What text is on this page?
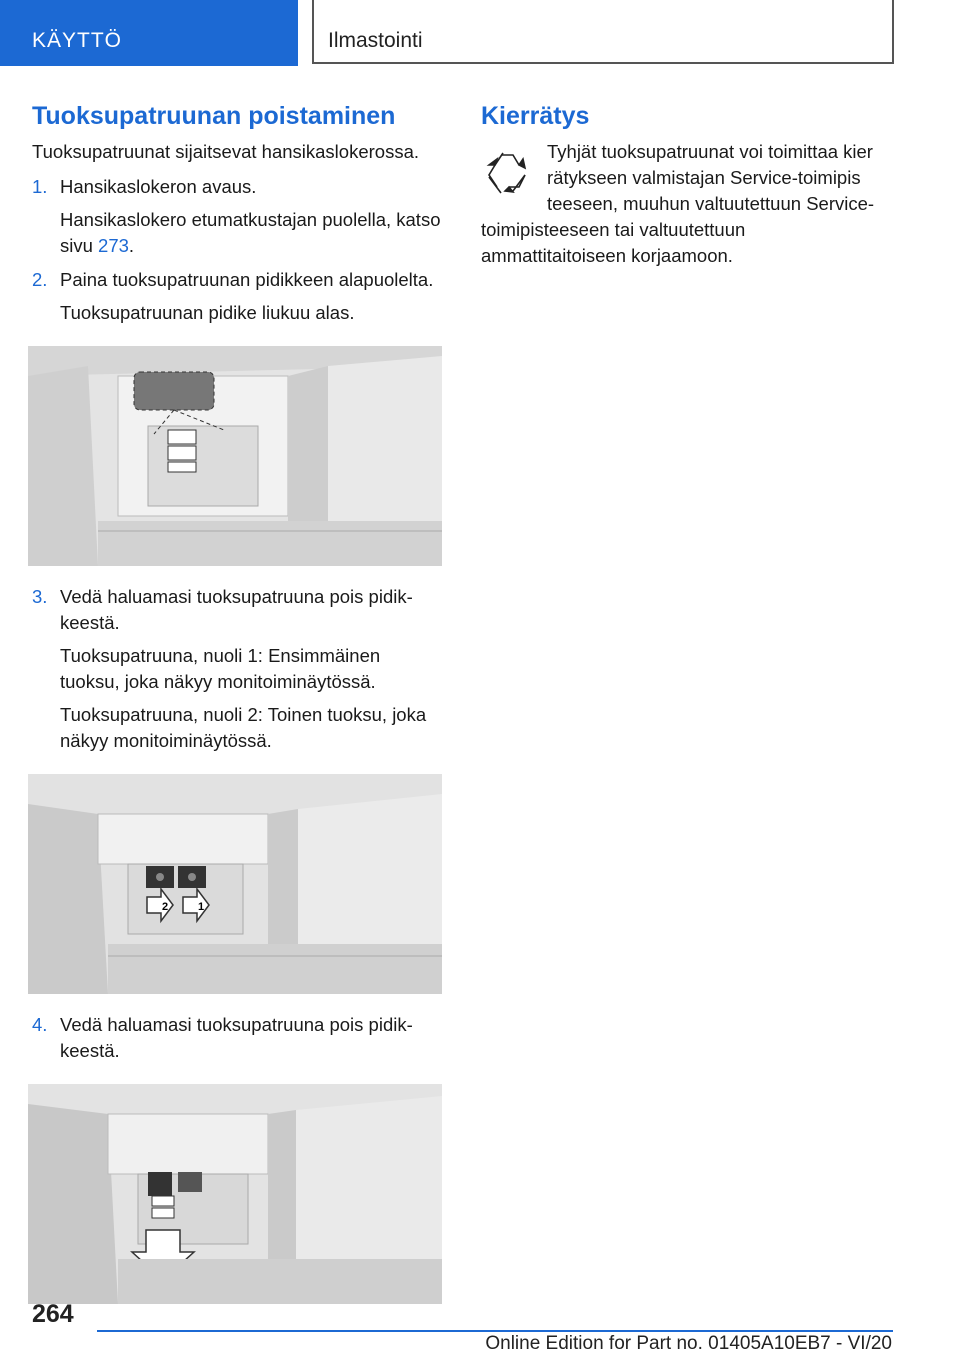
KÄYTTÖ	Ilmastointi
Tuoksupatruunan poistaminen

Tuoksupatruunat sijaitsevat hansikaslokerossa.

1. Hansikaslokeron avaus.

Hansikaslokero etumatkustajan puolella, katso sivu 273.

2. Paina tuoksupatruunan pidikkeen alapuolelta.

Tuoksupatruunan pidike liukuu alas.

3. Vedä haluamasi tuoksupatruuna pois pidikkeestä.

Tuoksupatruuna, nuoli 1: Ensimmäinen tuoksu, joka näkyy monitoiminäytössä.

Tuoksupatruuna, nuoli 2: Toinen tuoksu, joka näkyy monitoiminäytössä.

2	1
4. Vedä haluamasi tuoksupatruuna pois pidikkeestä.

Kierrätys
Tyhjät tuoksupatruunat voi toimittaa kier
rätykseen valmistajan Service-toimipis
teeseen, muuhun valtuutettuun Service-
toimipisteeseen tai valtuutettuun ammattitaitoiseen korjaamoon.
264
Online Edition for Part no. 01405A10EB7 - VI/20
